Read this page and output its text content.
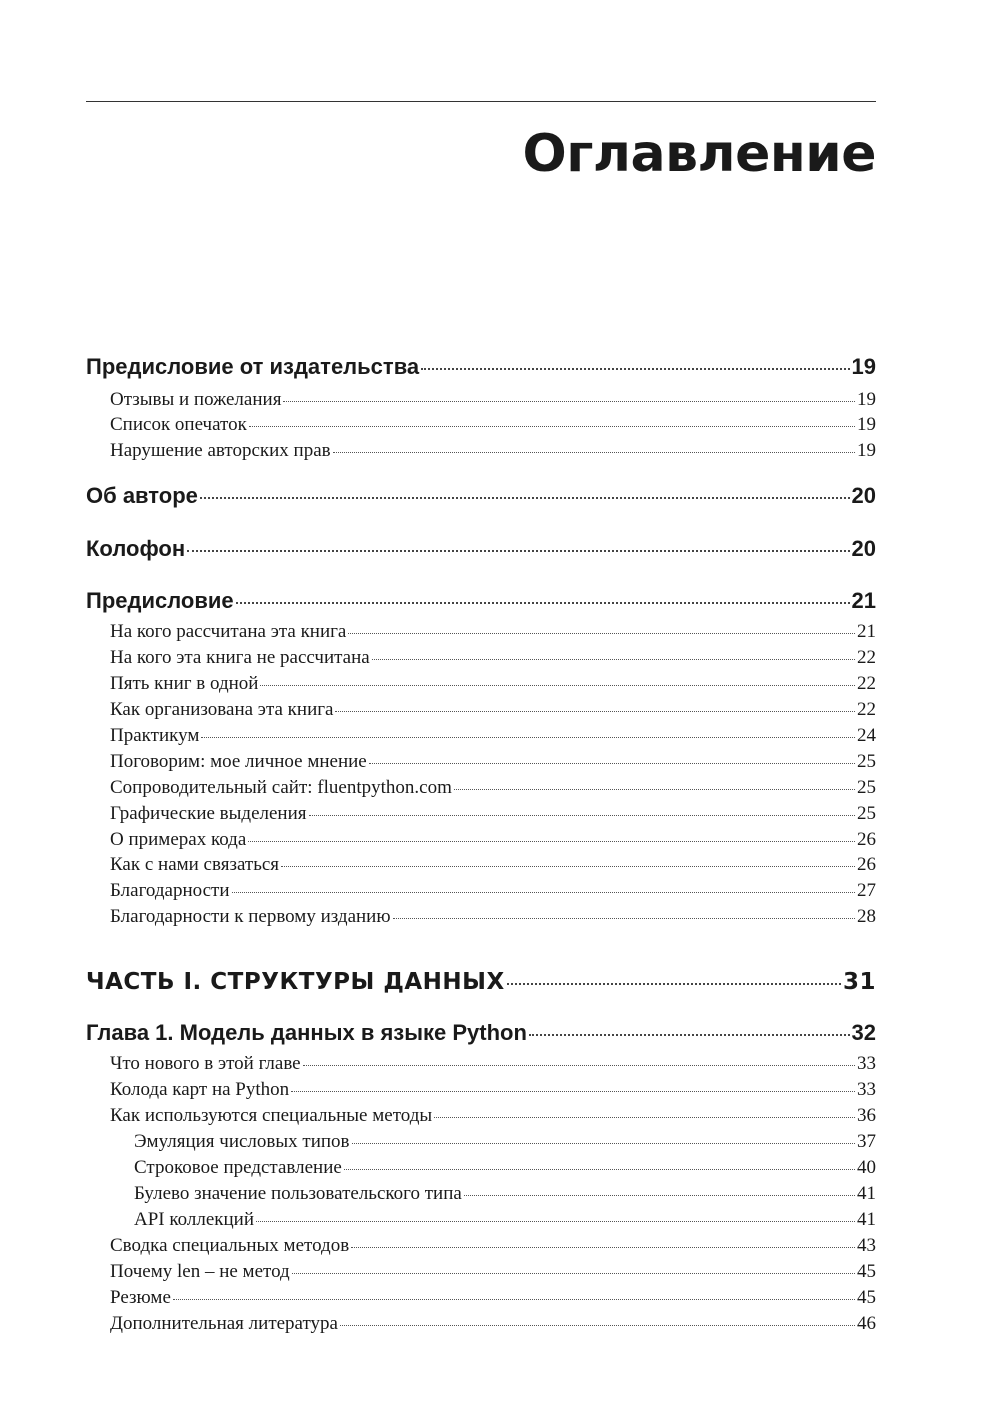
Оглавление
Предисловие от издательства	19
Отзывы и пожелания	19
Список опечаток	19
Нарушение авторских прав	19
Об авторе	20
Колофон	20
Предисловие	21
На кого рассчитана эта книга	21
На кого эта книга не рассчитана	22
Пять книг в одной	22
Как организована эта книга	22
Практикум	24
Поговорим: мое личное мнение	25
Сопроводительный сайт: fluentpython.com	25
Графические выделения	25
О примерах кода	26
Как с нами связаться	26
Благодарности	27
Благодарности к первому изданию	28
ЧАСТЬ I. СТРУКТУРЫ ДАННЫХ	31
Глава 1. Модель данных в языке Python	32
Что нового в этой главе	33
Колода карт на Python	33
Как используются специальные методы	36
Эмуляция числовых типов	37
Строковое представление	40
Булево значение пользовательского типа	41
API коллекций	41
Сводка специальных методов	43
Почему len – не метод	45
Резюме	45
Дополнительная литература	46
